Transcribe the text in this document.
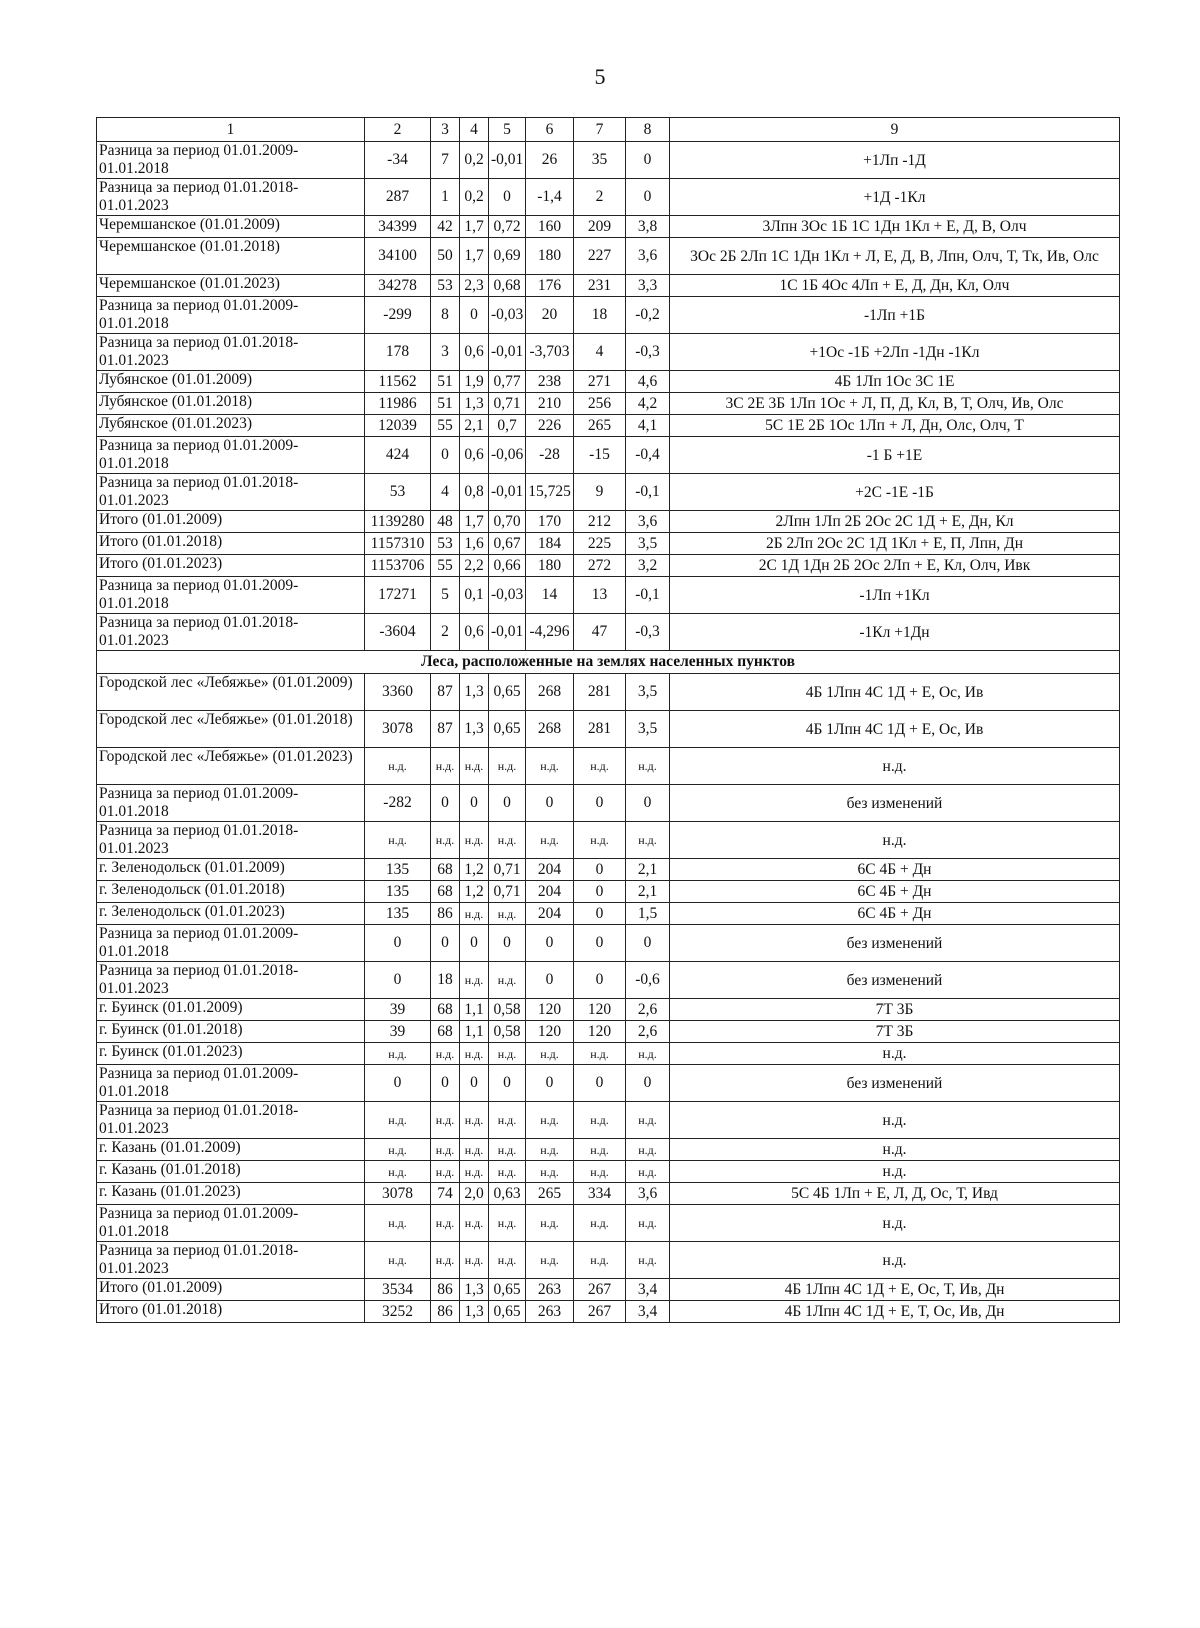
5
1	2	3	4	5	6	7	8	9
Разница за период 01.01.2009-01.01.2018	-34	7	0,2	-0,01	26	35	0	+1Лп -1Д
Разница за период 01.01.2018-01.01.2023	287	1	0,2	0	-1,4	2	0	+1Д -1Кл
Черемшанское (01.01.2009)	34399	42	1,7	0,72	160	209	3,8	3Лпн 3Ос 1Б 1С 1Дн 1Кл + Е, Д, В, Олч
Черемшанское (01.01.2018)	34100	50	1,7	0,69	180	227	3,6	3Ос 2Б 2Лп 1С 1Дн 1Кл + Л, Е, Д, В, Лпн, Олч, Т, Тк, Ив, Олс
Черемшанское (01.01.2023)	34278	53	2,3	0,68	176	231	3,3	1С 1Б 4Ос 4Лп + Е, Д, Дн, Кл, Олч
Разница за период 01.01.2009-01.01.2018	-299	8	0	-0,03	20	18	-0,2	-1Лп +1Б
Разница за период 01.01.2018-01.01.2023	178	3	0,6	-0,01	-3,703	4	-0,3	+1Ос -1Б +2Лп -1Дн -1Кл
Лубянское (01.01.2009)	11562	51	1,9	0,77	238	271	4,6	4Б 1Лп 1Ос 3С 1Е
Лубянское (01.01.2018)	11986	51	1,3	0,71	210	256	4,2	3С 2Е 3Б 1Лп 1Ос + Л, П, Д, Кл, В, Т, Олч, Ив, Олс
Лубянское (01.01.2023)	12039	55	2,1	0,7	226	265	4,1	5С 1Е 2Б 1Ос 1Лп + Л, Дн, Олс, Олч, Т
Разница за период 01.01.2009-01.01.2018	424	0	0,6	-0,06	-28	-15	-0,4	-1 Б +1Е
Разница за период 01.01.2018-01.01.2023	53	4	0,8	-0,01	15,725	9	-0,1	+2С -1Е -1Б
Итого (01.01.2009)	1139280	48	1,7	0,70	170	212	3,6	2Лпн 1Лп 2Б 2Ос 2С 1Д + Е, Дн, Кл
Итого (01.01.2018)	1157310	53	1,6	0,67	184	225	3,5	2Б 2Лп 2Ос 2С 1Д 1Кл + Е, П, Лпн, Дн
Итого (01.01.2023)	1153706	55	2,2	0,66	180	272	3,2	2С 1Д 1Дн 2Б 2Ос 2Лп + Е, Кл, Олч, Ивк
Разница за период 01.01.2009-01.01.2018	17271	5	0,1	-0,03	14	13	-0,1	-1Лп +1Кл
Разница за период 01.01.2018-01.01.2023	-3604	2	0,6	-0,01	-4,296	47	-0,3	-1Кл +1Дн
Леса, расположенные на землях населенных пунктов								
Городской лес «Лебяжье» (01.01.2009)	3360	87	1,3	0,65	268	281	3,5	4Б 1Лпн 4С 1Д + Е, Ос, Ив
Городской лес «Лебяжье» (01.01.2018)	3078	87	1,3	0,65	268	281	3,5	4Б 1Лпн 4С 1Д + Е, Ос, Ив
Городской лес «Лебяжье» (01.01.2023)	н.д.	н.д.	н.д.	н.д.	н.д.	н.д.	н.д.	н.д.
Разница за период 01.01.2009-01.01.2018	-282	0	0	0	0	0	0	без изменений
Разница за период 01.01.2018-01.01.2023	н.д.	н.д.	н.д.	н.д.	н.д.	н.д.	н.д.	н.д.
г. Зеленодольск (01.01.2009)	135	68	1,2	0,71	204	0	2,1	6С 4Б + Дн
г. Зеленодольск (01.01.2018)	135	68	1,2	0,71	204	0	2,1	6С 4Б + Дн
г. Зеленодольск (01.01.2023)	135	86	н.д.	н.д.	204	0	1,5	6С 4Б + Дн
Разница за период 01.01.2009-01.01.2018	0	0	0	0	0	0	0	без изменений
Разница за период 01.01.2018-01.01.2023	0	18	н.д.	н.д.	0	0	-0,6	без изменений
г. Буинск (01.01.2009)	39	68	1,1	0,58	120	120	2,6	7Т 3Б
г. Буинск (01.01.2018)	39	68	1,1	0,58	120	120	2,6	7Т 3Б
г. Буинск (01.01.2023)	н.д.	н.д.	н.д.	н.д.	н.д.	н.д.	н.д.	н.д.
Разница за период 01.01.2009-01.01.2018	0	0	0	0	0	0	0	без изменений
Разница за период 01.01.2018-01.01.2023	н.д.	н.д.	н.д.	н.д.	н.д.	н.д.	н.д.	н.д.
г. Казань (01.01.2009)	н.д.	н.д.	н.д.	н.д.	н.д.	н.д.	н.д.	н.д.
г. Казань (01.01.2018)	н.д.	н.д.	н.д.	н.д.	н.д.	н.д.	н.д.	н.д.
г. Казань (01.01.2023)	3078	74	2,0	0,63	265	334	3,6	5С 4Б 1Лп + Е, Л, Д, Ос, Т, Ивд
Разница за период 01.01.2009-01.01.2018	н.д.	н.д.	н.д.	н.д.	н.д.	н.д.	н.д.	н.д.
Разница за период 01.01.2018-01.01.2023	н.д.	н.д.	н.д.	н.д.	н.д.	н.д.	н.д.	н.д.
Итого (01.01.2009)	3534	86	1,3	0,65	263	267	3,4	4Б 1Лпн 4С 1Д + Е, Ос, Т, Ив, Дн
Итого (01.01.2018)	3252	86	1,3	0,65	263	267	3,4	4Б 1Лпн 4С 1Д + Е, Т, Ос, Ив, Дн
